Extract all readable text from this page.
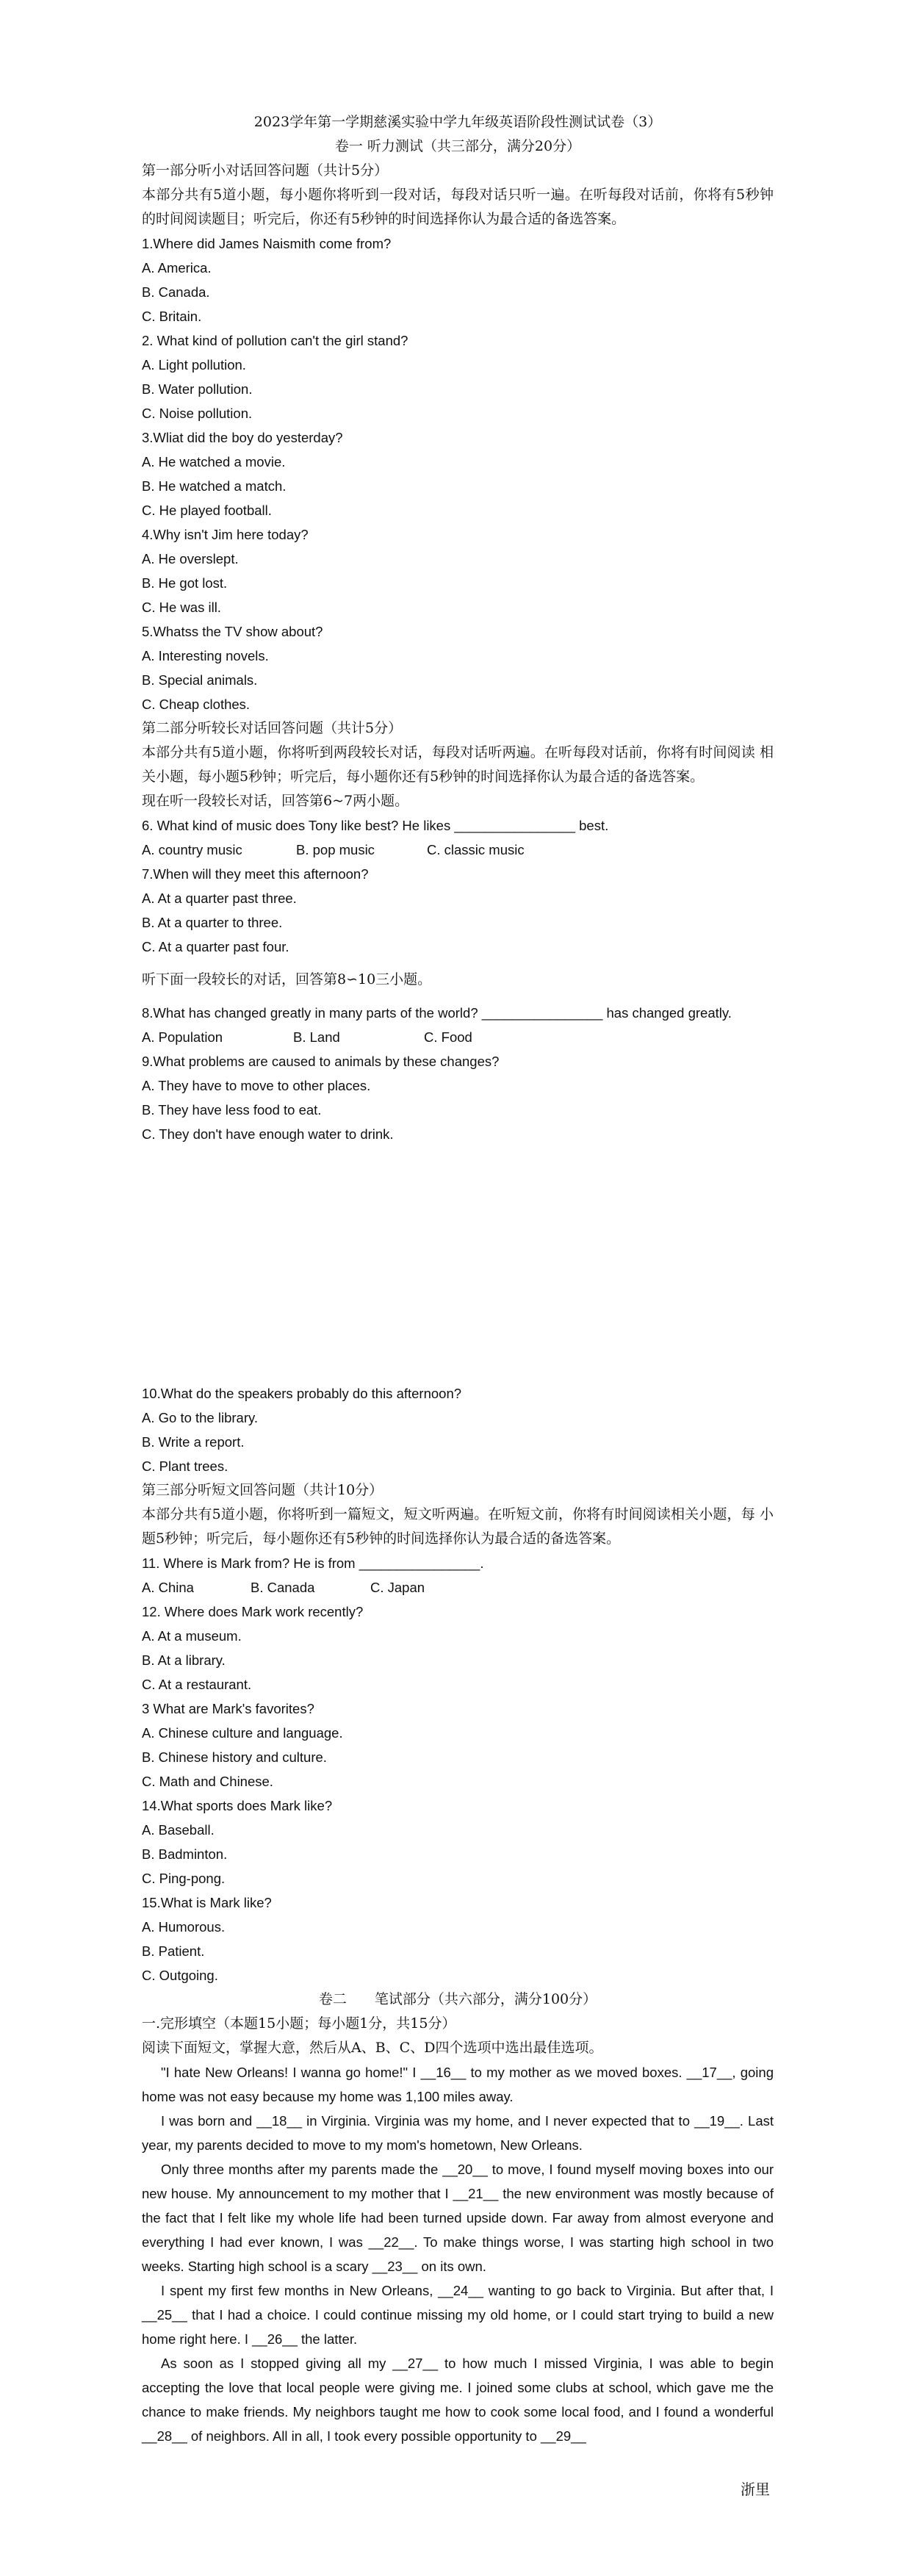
2023学年第一学期慈溪实验中学九年级英语阶段性测试试卷（3）
卷一 听力测试（共三部分，满分20分）
第一部分听小对话回答问题（共计5分）
本部分共有5道小题，每小题你将听到一段对话，每段对话只听一遍。在听每段对话前，你将有5秒钟的时间阅读题目；听完后，你还有5秒钟的时间选择你认为最合适的备选答案。
1.Where did James Naismith come from?
A. America.
B. Canada.
C. Britain.
2. What kind of pollution can't the girl stand?
A. Light pollution.
B. Water pollution.
C. Noise pollution.
3.Wliat did the boy do yesterday?
A. He watched a movie.
B. He watched a match.
C. He played football.
4.Why isn't Jim here today?
A. He overslept.
B. He got lost.
C. He was ill.
5.Whatss the TV show about?
A. Interesting novels.
B. Special animals.
C. Cheap clothes.
第二部分听较长对话回答问题（共计5分）
本部分共有5道小题，你将听到两段较长对话，每段对话听两遍。在听每段对话前，你将有时间阅读 相关小题，每小题5秒钟；听完后，每小题你还有5秒钟的时间选择你认为最合适的备选答案。
现在听一段较长对话，回答第6~7两小题。
6. What kind of music does Tony like best? He likes ________________ best.
A. country music	B. pop music	C. classic music
7.When will they meet this afternoon?
A. At a quarter past three.
B. At a quarter to three.
C. At a quarter past four.
听下面一段较长的对话，回答第8∽10三小题。
8.What has changed greatly in many parts of the world? ________________ has changed greatly.
A. Population	B. Land	C. Food
9.What problems are caused to animals by these changes?
A. They have to move to other places.
B. They have less food to eat.
C. They don't have enough water to drink.
10.What do the speakers probably do this afternoon?
A. Go to the library.
B. Write a report.
C. Plant trees.
第三部分听短文回答问题（共计10分）
本部分共有5道小题，你将听到一篇短文，短文听两遍。在听短文前，你将有时间阅读相关小题，每 小题5秒钟；听完后，每小题你还有5秒钟的时间选择你认为最合适的备选答案。
11. Where is Mark from? He is from ________________.
A. China	B. Canada	C. Japan
12. Where does Mark work recently?
A. At a museum.
B. At a library.
C. At a restaurant.
3 What are Mark's favorites?
A. Chinese culture and language.
B. Chinese history and culture.
C. Math and Chinese.
14.What sports does Mark like?
A. Baseball.
B. Badminton.
C. Ping-pong.
15.What is Mark like?
A. Humorous.
B. Patient.
C. Outgoing.
卷二　　笔试部分（共六部分，满分100分）
一.完形填空（本题15小题；每小题1分，共15分）
阅读下面短文，掌握大意，然后从A、B、C、D四个选项中选出最佳选项。

"I hate New Orleans! I wanna go home!" I __16__ to my mother as we moved boxes. __17__, going home was not easy because my home was 1,100 miles away.

I was born and __18__ in Virginia. Virginia was my home, and I never expected that to __19__. Last year, my parents decided to move to my mom's hometown, New Orleans.

Only three months after my parents made the __20__ to move, I found myself moving boxes into our new house. My announcement to my mother that I __21__ the new environment was mostly because of the fact that I felt like my whole life had been turned upside down. Far away from almost everyone and everything I had ever known, I was __22__. To make things worse, I was starting high school in two weeks. Starting high school is a scary __23__ on its own.

I spent my first few months in New Orleans, __24__ wanting to go back to Virginia. But after that, I __25__ that I had a choice. I could continue missing my old home, or I could start trying to build a new home right here. I __26__ the latter.

As soon as I stopped giving all my __27__ to how much I missed Virginia, I was able to begin accepting the love that local people were giving me. I joined some clubs at school, which gave me the chance to make friends. My neighbors taught me how to cook some local food, and I found a wonderful __28__ of neighbors. All in all, I took every possible opportunity to __29__

浙里
